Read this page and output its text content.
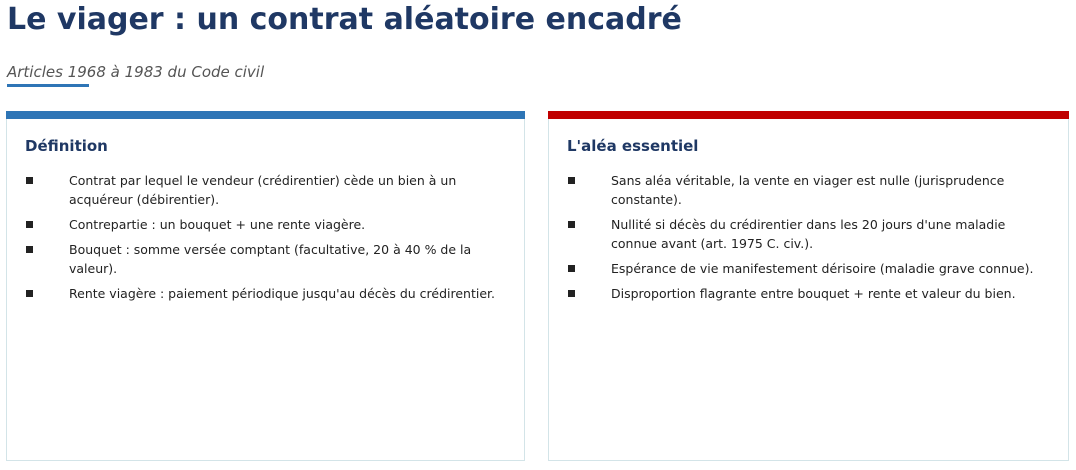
Le viager : un contrat aléatoire encadré

Articles 1968 à 1983 du Code civil

Définition
Contrat par lequel le vendeur (crédirentier) cède un bien à un acquéreur (débirentier).
Contrepartie : un bouquet + une rente viagère.
Bouquet : somme versée comptant (facultative, 20 à 40 % de la valeur).
Rente viagère : paiement périodique jusqu'au décès du crédirentier.
L'aléa essentiel
Sans aléa véritable, la vente en viager est nulle (jurisprudence constante).
Nullité si décès du crédirentier dans les 20 jours d'une maladie connue avant (art. 1975 C. civ.).
Espérance de vie manifestement dérisoire (maladie grave connue).
Disproportion flagrante entre bouquet + rente et valeur du bien.
